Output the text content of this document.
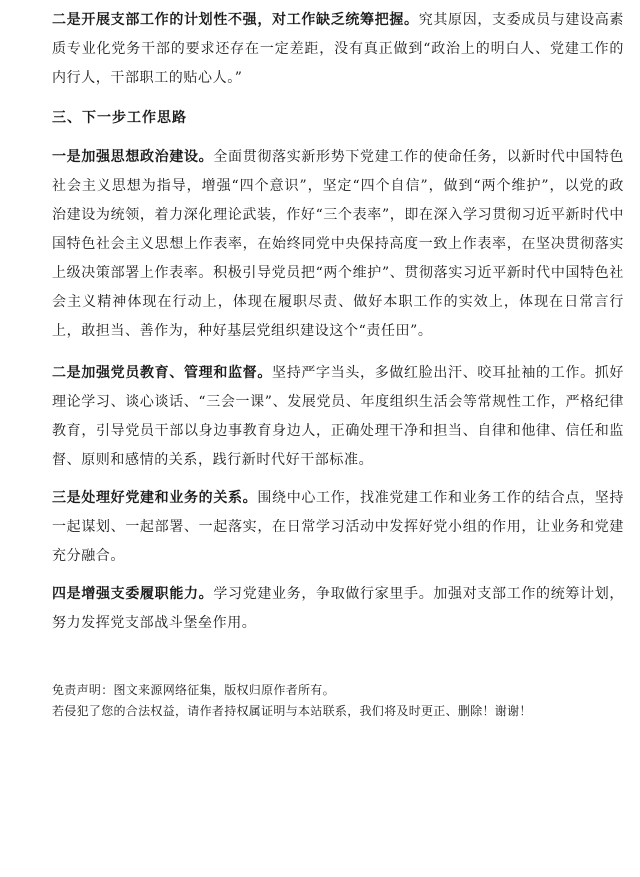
二是开展支部工作的计划性不强，对工作缺乏统筹把握。究其原因，支委成员与建设高素质专业化党务干部的要求还存在一定差距，没有真正做到“政治上的明白人、党建工作的内行人，干部职工的贴心人。”

三、下一步工作思路

一是加强思想政治建设。全面贯彻落实新形势下党建工作的使命任务，以新时代中国特色社会主义思想为指导，增强“四个意识”，坚定“四个自信”，做到“两个维护”，以党的政治建设为统领，着力深化理论武装，作好“三个表率”，即在深入学习贯彻习近平新时代中国特色社会主义思想上作表率，在始终同党中央保持高度一致上作表率，在坚决贯彻落实上级决策部署上作表率。积极引导党员把“两个维护”、贯彻落实习近平新时代中国特色社会主义精神体现在行动上，体现在履职尽责、做好本职工作的实效上，体现在日常言行上，敢担当、善作为，种好基层党组织建设这个“责任田”。

二是加强党员教育、管理和监督。坚持严字当头，多做红脸出汗、咬耳扯袖的工作。抓好理论学习、谈心谈话、“三会一课”、发展党员、年度组织生活会等常规性工作，严格纪律教育，引导党员干部以身边事教育身边人，正确处理干净和担当、自律和他律、信任和监督、原则和感情的关系，践行新时代好干部标准。

三是处理好党建和业务的关系。围绕中心工作，找准党建工作和业务工作的结合点，坚持一起谋划、一起部署、一起落实，在日常学习活动中发挥好党小组的作用，让业务和党建充分融合。

四是增强支委履职能力。学习党建业务，争取做行家里手。加强对支部工作的统筹计划，努力发挥党支部战斗堡垒作用。

免责声明：图文来源网络征集，版权归原作者所有。

若侵犯了您的合法权益，请作者持权属证明与本站联系，我们将及时更正、删除！谢谢！
